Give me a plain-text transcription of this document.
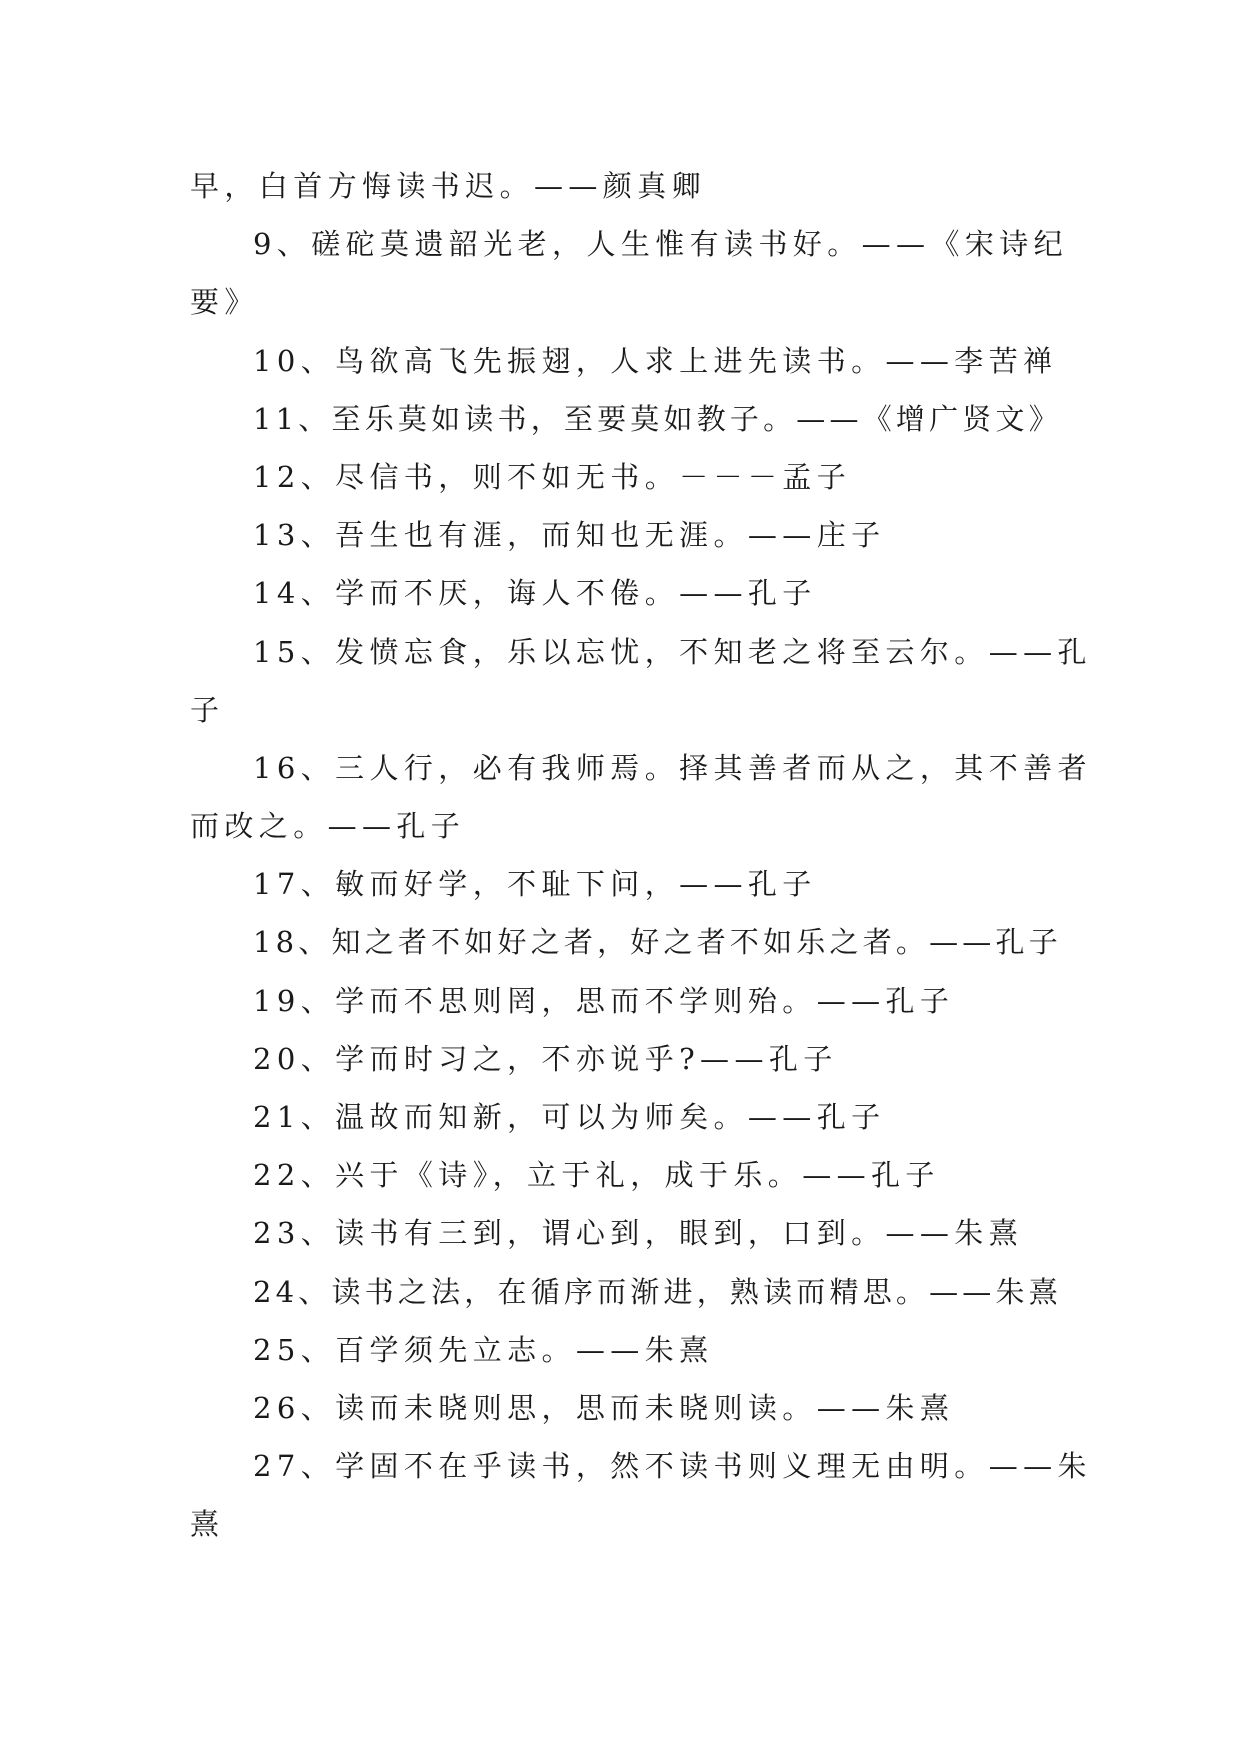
早，白首方悔读书迟。——颜真卿
9、磋砣莫遗韶光老，人生惟有读书好。——《宋诗纪
要》
10、鸟欲高飞先振翅，人求上进先读书。——李苦禅
11、至乐莫如读书，至要莫如教子。——《增广贤文》
12、尽信书，则不如无书。－－－孟子
13、吾生也有涯，而知也无涯。——庄子
14、学而不厌，诲人不倦。——孔子
15、发愤忘食，乐以忘忧，不知老之将至云尔。——孔
子
16、三人行，必有我师焉。择其善者而从之，其不善者
而改之。——孔子
17、敏而好学，不耻下问，——孔子
18、知之者不如好之者，好之者不如乐之者。——孔子
19、学而不思则罔，思而不学则殆。——孔子
20、学而时习之，不亦说乎?——孔子
21、温故而知新，可以为师矣。——孔子
22、兴于《诗》，立于礼，成于乐。——孔子
23、读书有三到，谓心到，眼到，口到。——朱熹
24、读书之法，在循序而渐进，熟读而精思。——朱熹
25、百学须先立志。——朱熹
26、读而未晓则思，思而未晓则读。——朱熹
27、学固不在乎读书，然不读书则义理无由明。——朱
熹
